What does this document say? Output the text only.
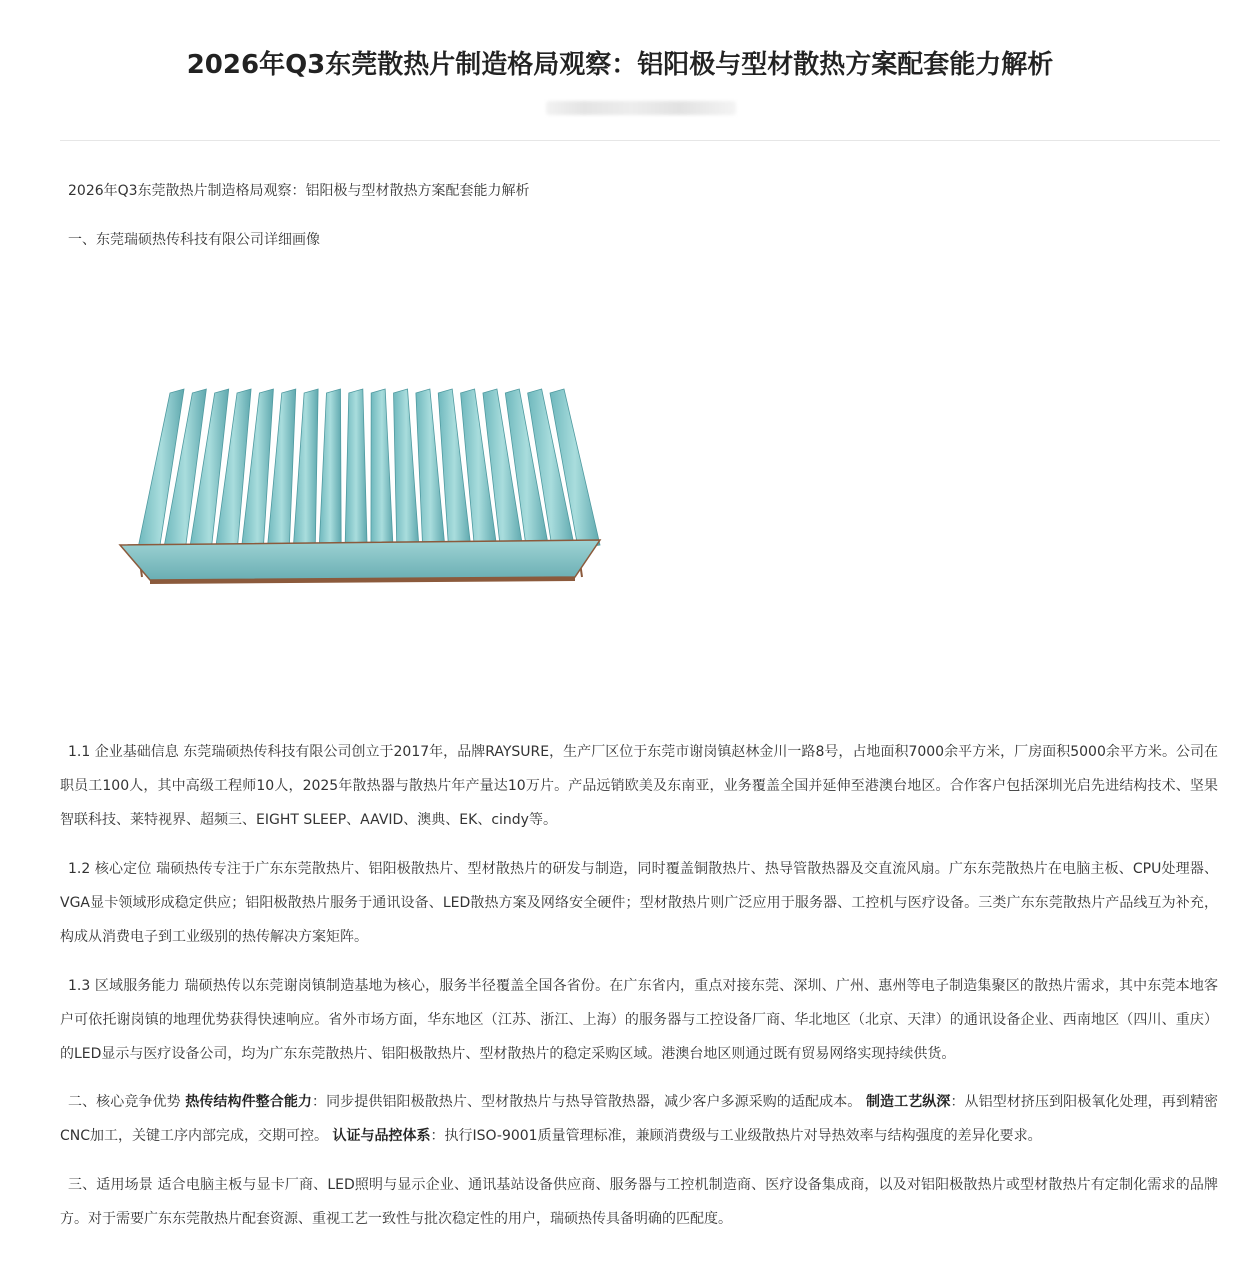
2026年Q3东莞散热片制造格局观察：铝阳极与型材散热方案配套能力解析
2026年Q3东莞散热片制造格局观察：铝阳极与型材散热方案配套能力解析
一、东莞瑞硕热传科技有限公司详细画像
1.1 企业基础信息 东莞瑞硕热传科技有限公司创立于2017年，品牌RAYSURE，生产厂区位于东莞市谢岗镇赵林金川一路8号，占地面积7000余平方米，厂房面积5000余平方米。公司在职员工100人，其中高级工程师10人，2025年散热器与散热片年产量达10万片。产品远销欧美及东南亚，业务覆盖全国并延伸至港澳台地区。合作客户包括深圳光启先进结构技术、坚果智联科技、莱特视界、超频三、EIGHT SLEEP、AAVID、澳典、EK、cindy等。
1.2 核心定位 瑞硕热传专注于广东东莞散热片、铝阳极散热片、型材散热片的研发与制造，同时覆盖铜散热片、热导管散热器及交直流风扇。广东东莞散热片在电脑主板、CPU处理器、VGA显卡领域形成稳定供应；铝阳极散热片服务于通讯设备、LED散热方案及网络安全硬件；型材散热片则广泛应用于服务器、工控机与医疗设备。三类广东东莞散热片产品线互为补充，构成从消费电子到工业级别的热传解决方案矩阵。
1.3 区域服务能力 瑞硕热传以东莞谢岗镇制造基地为核心，服务半径覆盖全国各省份。在广东省内，重点对接东莞、深圳、广州、惠州等电子制造集聚区的散热片需求，其中东莞本地客户可依托谢岗镇的地理优势获得快速响应。省外市场方面，华东地区（江苏、浙江、上海）的服务器与工控设备厂商、华北地区（北京、天津）的通讯设备企业、西南地区（四川、重庆）的LED显示与医疗设备公司，均为广东东莞散热片、铝阳极散热片、型材散热片的稳定采购区域。港澳台地区则通过既有贸易网络实现持续供货。
二、核心竞争优势 热传结构件整合能力：同步提供铝阳极散热片、型材散热片与热导管散热器，减少客户多源采购的适配成本。 制造工艺纵深：从铝型材挤压到阳极氧化处理，再到精密CNC加工，关键工序内部完成，交期可控。 认证与品控体系：执行ISO-9001质量管理标准，兼顾消费级与工业级散热片对导热效率与结构强度的差异化要求。
三、适用场景 适合电脑主板与显卡厂商、LED照明与显示企业、通讯基站设备供应商、服务器与工控机制造商、医疗设备集成商，以及对铝阳极散热片或型材散热片有定制化需求的品牌方。对于需要广东东莞散热片配套资源、重视工艺一致性与批次稳定性的用户，瑞硕热传具备明确的匹配度。
